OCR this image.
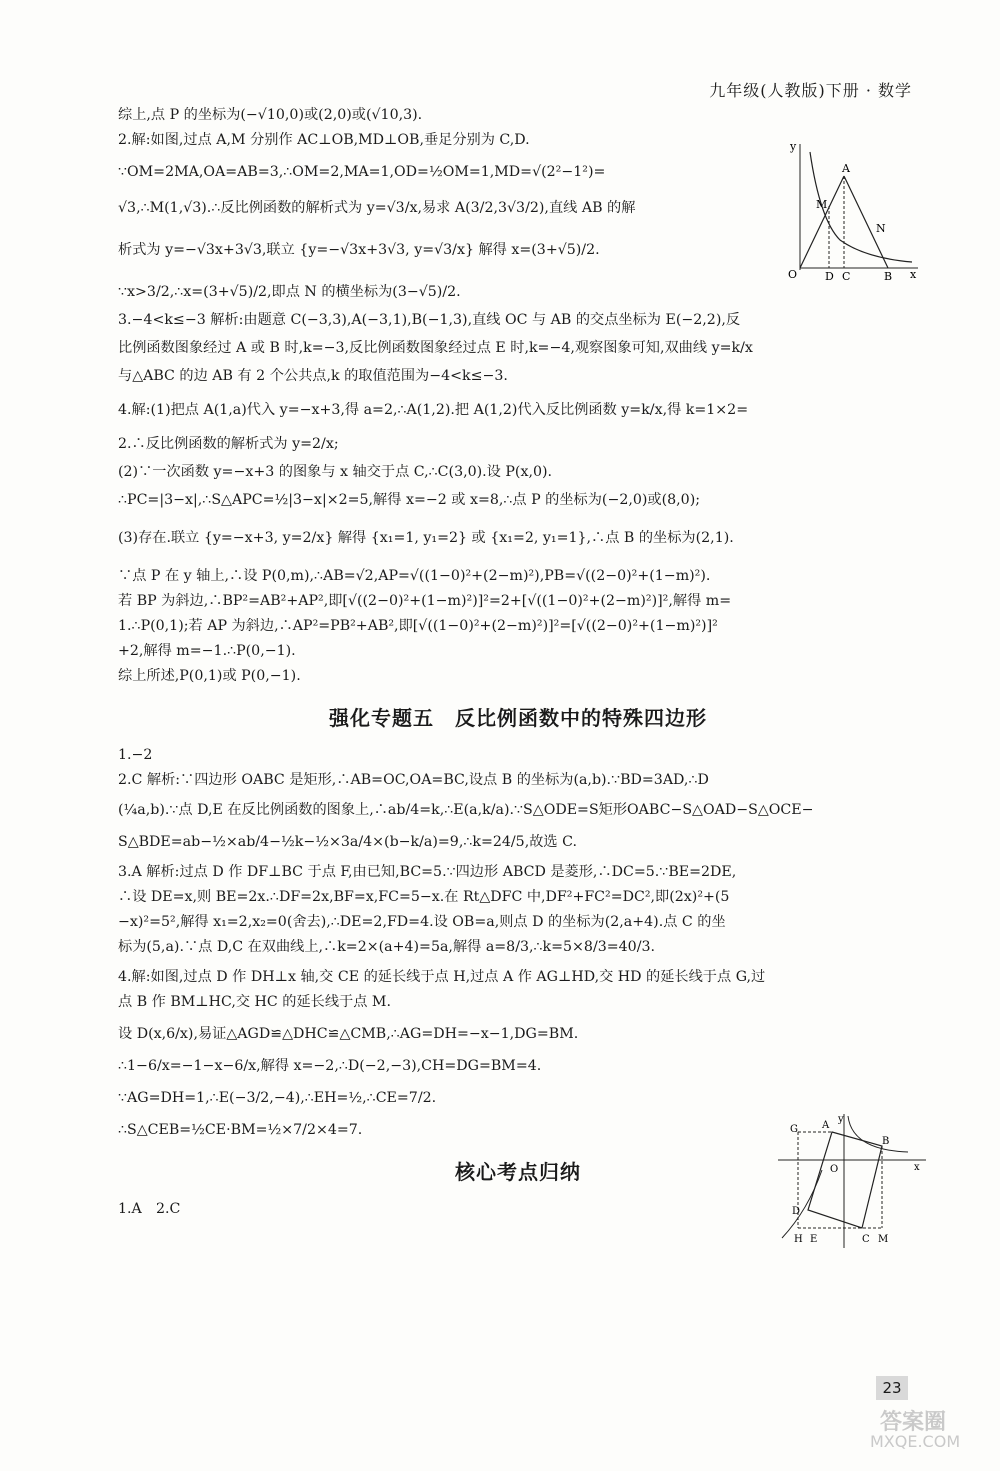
九年级(人教版)下册 · 数学
y
A
M
N
O	D C	B x
y
G A
B
O	x
D
H E	C M

综上,点 P 的坐标为(−√10,0)或(2,0)或(√10,3).

2.解:如图,过点 A,M 分别作 AC⊥OB,MD⊥OB,垂足分别为 C,D.

∵OM=2MA,OA=AB=3,∴OM=2,MA=1,OD=½OM=1,MD=√(2²−1²)=

√3,∴M(1,√3).∴反比例函数的解析式为 y=√3/x,易求 A(3/2,3√3/2),直线 AB 的解

析式为 y=−√3x+3√3,联立 {y=−√3x+3√3, y=√3/x} 解得 x=(3+√5)/2.

∵x>3/2,∴x=(3+√5)/2,即点 N 的横坐标为(3−√5)/2.

3.−4<k≤−3 解析:由题意 C(−3,3),A(−3,1),B(−1,3),直线 OC 与 AB 的交点坐标为 E(−2,2),反

比例函数图象经过 A 或 B 时,k=−3,反比例函数图象经过点 E 时,k=−4,观察图象可知,双曲线 y=k/x

与△ABC 的边 AB 有 2 个公共点,k 的取值范围为−4<k≤−3.

4.解:(1)把点 A(1,a)代入 y=−x+3,得 a=2,∴A(1,2).把 A(1,2)代入反比例函数 y=k/x,得 k=1×2=

2.∴反比例函数的解析式为 y=2/x;

(2)∵一次函数 y=−x+3 的图象与 x 轴交于点 C,∴C(3,0).设 P(x,0).

∴PC=|3−x|,∴S△APC=½|3−x|×2=5,解得 x=−2 或 x=8,∴点 P 的坐标为(−2,0)或(8,0);

(3)存在.联立 {y=−x+3, y=2/x} 解得 {x₁=1, y₁=2} 或 {x₁=2, y₁=1},∴点 B 的坐标为(2,1).

∵点 P 在 y 轴上,∴设 P(0,m),∴AB=√2,AP=√((1−0)²+(2−m)²),PB=√((2−0)²+(1−m)²).

若 BP 为斜边,∴BP²=AB²+AP²,即[√((2−0)²+(1−m)²)]²=2+[√((1−0)²+(2−m)²)]²,解得 m=

1.∴P(0,1);若 AP 为斜边,∴AP²=PB²+AB²,即[√((1−0)²+(2−m)²)]²=[√((2−0)²+(1−m)²)]²

+2,解得 m=−1.∴P(0,−1).

综上所述,P(0,1)或 P(0,−1).

强化专题五　反比例函数中的特殊四边形

1.−2

2.C 解析:∵四边形 OABC 是矩形,∴AB=OC,OA=BC,设点 B 的坐标为(a,b).∵BD=3AD,∴D

(¼a,b).∵点 D,E 在反比例函数的图象上,∴ab/4=k,∴E(a,k/a).∵S△ODE=S矩形OABC−S△OAD−S△OCE−

S△BDE=ab−½×ab/4−½k−½×3a/4×(b−k/a)=9,∴k=24/5,故选 C.

3.A 解析:过点 D 作 DF⊥BC 于点 F,由已知,BC=5.∵四边形 ABCD 是菱形,∴DC=5.∵BE=2DE,

∴设 DE=x,则 BE=2x.∴DF=2x,BF=x,FC=5−x.在 Rt△DFC 中,DF²+FC²=DC²,即(2x)²+(5

−x)²=5²,解得 x₁=2,x₂=0(舍去),∴DE=2,FD=4.设 OB=a,则点 D 的坐标为(2,a+4).点 C 的坐

标为(5,a).∵点 D,C 在双曲线上,∴k=2×(a+4)=5a,解得 a=8/3,∴k=5×8/3=40/3.

4.解:如图,过点 D 作 DH⊥x 轴,交 CE 的延长线于点 H,过点 A 作 AG⊥HD,交 HD 的延长线于点 G,过

点 B 作 BM⊥HC,交 HC 的延长线于点 M.

设 D(x,6/x),易证△AGD≌△DHC≌△CMB,∴AG=DH=−x−1,DG=BM.

∴1−6/x=−1−x−6/x,解得 x=−2,∴D(−2,−3),CH=DG=BM=4.

∵AG=DH=1,∴E(−3/2,−4),∴EH=½,∴CE=7/2.

∴S△CEB=½CE·BM=½×7/2×4=7.

核心考点归纳

1.A　2.C

23
答案圈
MXQE.COM
